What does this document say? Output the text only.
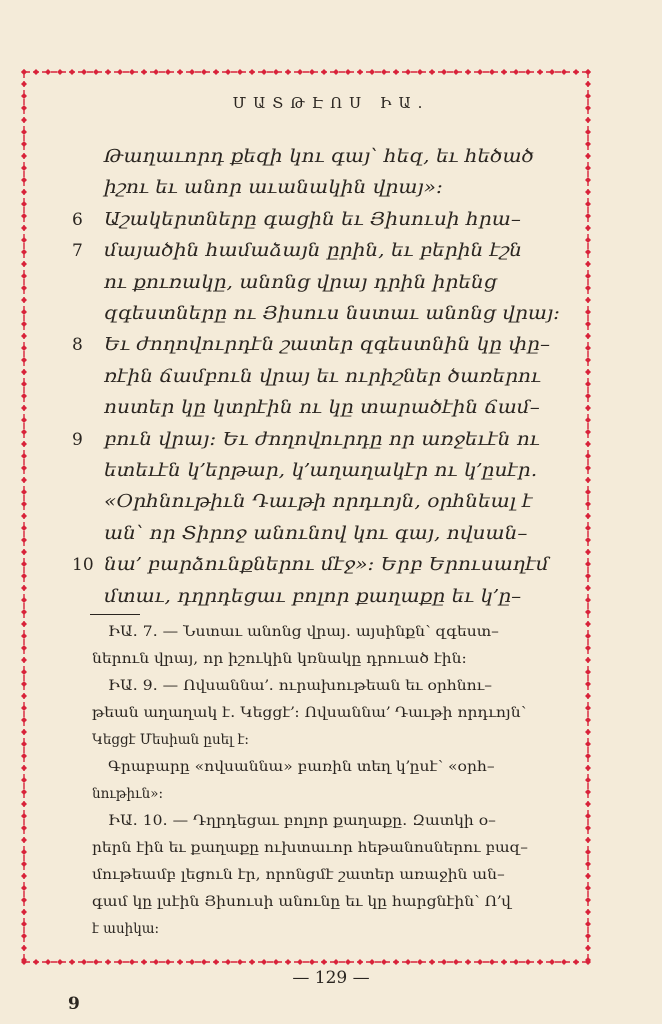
ՄԱՏԹԷՈՍ ԻԱ.
Թաղաւորդ քեզի կու գայ՝ հեզ, եւ հեծած
իշու եւ անոր աւանակին վրայ»։
6 Աշակերտները գացին եւ Յիսուսի հրա–
7 մայածին համաձայն ըրին, եւ բերին էշն
ու քուռակը, անոնց վրայ դրին իրենց
զգեստները ու Յիսուս նստաւ անոնց վրայ։
8 Եւ ժողովուրդէն շատեր զգեստնին կը փը–
ռէին ճամբուն վրայ եւ ուրիշներ ծառերու
ոստեր կը կտրէին ու կը տարածէին ճամ–
9 բուն վրայ։ Եւ ժողովուրդը որ առջեւէն ու
ետեւէն կ՚երթար, կ՚աղաղակէր ու կ՚ըսէր․
«Օրհնութիւն Դաւթի որդւոյն, օրհնեալ է
ան՝ որ Տիրոջ անունով կու գայ, ովսան–
10 նա՚ բարձունքներու մէջ»։ Երբ Երուսաղէմ
մտաւ, դղրդեցաւ բոլոր քաղաքը եւ կ՚ը–
ԻԱ․ 7․ — Նստաւ անոնց վրայ․ այսինքն՝ զգեստ–
ներուն վրայ, որ իշուկին կռնակը դրուած էին։
ԻԱ․ 9․ — Ովսաննա՚․ ուրախութեան եւ օրհնու–
թեան աղաղակ է․ Կեցցէ՚։ Ովսաննա՚ Դաւթի որդւոյն՝
Կեցցէ Մեսիան ըսել է։
Գրաբարը «ովսաննա» բառին տեղ կ՚ըսէ՝ «օրհ–
նութիւն»։
ԻԱ․ 10․ — Դղրդեցաւ բոլոր քաղաքը․ Զատկի օ–
րերն էին եւ քաղաքը ուխտաւոր հեթանոսներու բազ–
մութեամբ լեցուն էր, որոնցմէ շատեր առաջին ան–
գամ կը լսէին Յիսուսի անունը եւ կը հարցնէին՝ Ո՚վ
է ասիկա։
— 129 —
9
